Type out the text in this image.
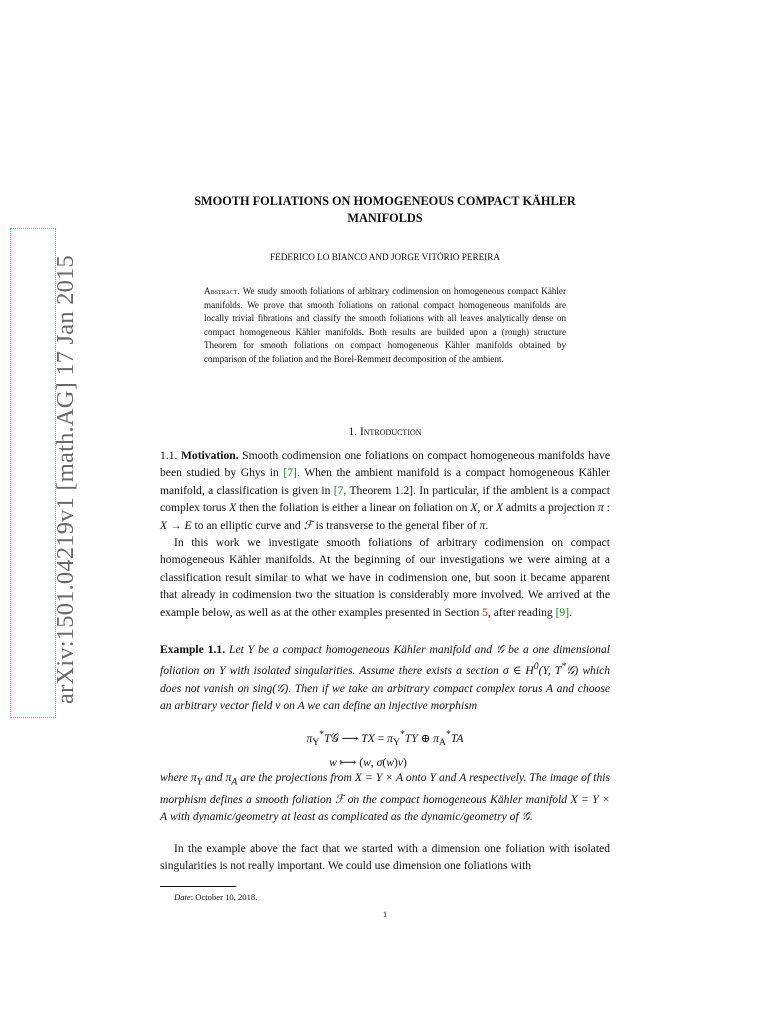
arXiv:1501.04219v1 [math.AG] 17 Jan 2015
SMOOTH FOLIATIONS ON HOMOGENEOUS COMPACT KÄHLER
MANIFOLDS
FEDERICO LO BIANCO AND JORGE VITÓRIO PEREIRA
Abstract. We study smooth foliations of arbitrary codimension on homogeneous compact Kähler manifolds. We prove that smooth foliations on rational compact homogeneous manifolds are locally trivial fibrations and classify the smooth foliations with all leaves analytically dense on compact homogeneous Kähler manifolds. Both results are builded upon a (rough) structure Theorem for smooth foliations on compact homogeneous Kähler manifolds obtained by comparison of the foliation and the Borel-Remmert decomposition of the ambient.
1. Introduction

1.1. Motivation. Smooth codimension one foliations on compact homogeneous manifolds have been studied by Ghys in [7]. When the ambient manifold is a compact homogeneous Kähler manifold, a classification is given in [7, Theorem 1.2]. In particular, if the ambient is a compact complex torus X then the foliation is either a linear on foliation on X, or X admits a projection π : X → E to an elliptic curve and ℱ is transverse to the general fiber of π.

In this work we investigate smooth foliations of arbitrary codimension on compact homogeneous Kähler manifolds. At the beginning of our investigations we were aiming at a classification result similar to what we have in codimension one, but soon it became apparent that already in codimension two the situation is considerably more involved. We arrived at the example below, as well as at the other examples presented in Section 5, after reading [9].

Example 1.1. Let Y be a compact homogeneous Kähler manifold and 𝒢 be a one dimensional foliation on Y with isolated singularities. Assume there exists a section σ ∈ $H^0(Y$, T*𝒢) which does not vanish on sing(𝒢). Then if we take an arbitrary compact complex torus A and choose an arbitrary vector field v on A we can define an injective morphism
$\pi_Y^*T𝒢$ ⟶ TX = $\pi_Y^*TY$ ⊕ $\pi_A^*TA$
w ⟼ (w, σ(w)v)
where $\pi_Y$ and $\pi_A$ are the projections from X = Y × A onto Y and A respectively. The image of this morphism defines a smooth foliation ℱ on the compact homogeneous Kähler manifold X = Y × A with dynamic/geometry at least as complicated as the dynamic/geometry of 𝒢.
In the example above the fact that we started with a dimension one foliation with isolated singularities is not really important. We could use dimension one foliations with
Date: October 10, 2018.
1
